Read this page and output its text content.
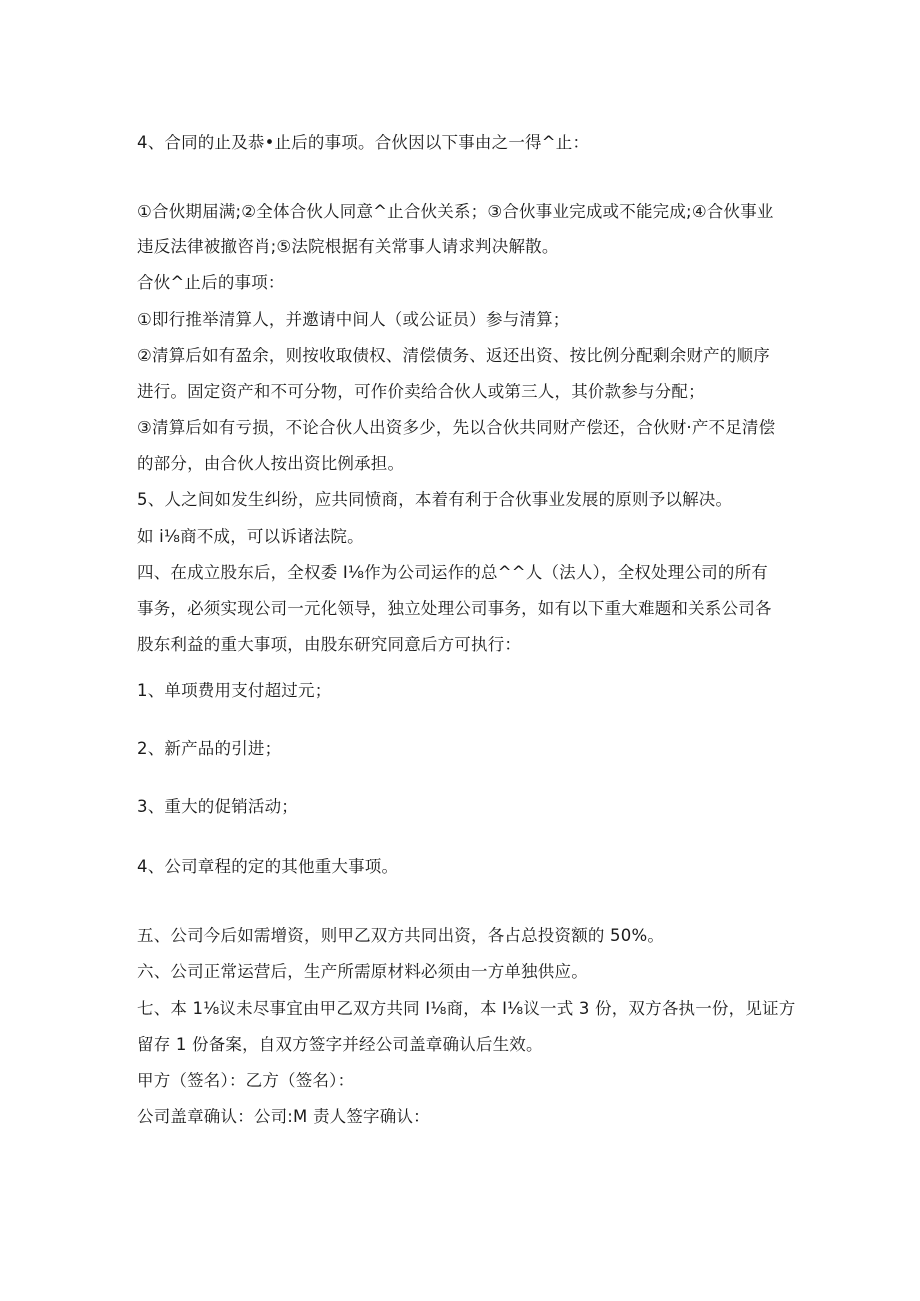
4、合同的止及恭•止后的事项。合伙因以下事由之一得^止：
①合伙期届满;②全体合伙人同意^止合伙关系；③合伙事业完成或不能完成;④合伙事业
违反法律被撤咨肖;⑤法院根据有关常事人请求判决解散。
合伙^止后的事项：
①即行推举清算人，并邀请中间人（或公证员）参与清算；
②清算后如有盈余，则按收取债权、清偿债务、返还出资、按比例分配剩余财产的顺序
进行。固定资产和不可分物，可作价卖给合伙人或第三人，其价款参与分配；
③清算后如有亏损，不论合伙人出资多少，先以合伙共同财产偿还，合伙财·产不足清偿
的部分，由合伙人按出资比例承担。
5、人之间如发生纠纷，应共同愤商，本着有利于合伙事业发展的原则予以解决。
如 i⅛商不成，可以诉诸法院。
四、在成立股东后，全权委 I⅛作为公司运作的总^^人（法人），全权处理公司的所有
事务，必须实现公司一元化领导，独立处理公司事务，如有以下重大难题和关系公司各
股东利益的重大事项，由股东研究同意后方可执行：
1、单项费用支付超过元；
2、新产品的引进；
3、重大的促销活动；
4、公司章程的定的其他重大事项。
五、公司今后如需增资，则甲乙双方共同出资，各占总投资额的 50%。
六、公司正常运营后，生产所需原材料必须由一方单独供应。
七、本 1⅛议未尽事宜由甲乙双方共同 I⅛商，本 I⅛议一式 3 份，双方各执一份，见证方
留存 1 份备案，自双方签字并经公司盖章确认后生效。
甲方（签名）：乙方（签名）：
公司盖章确认：公司:M 责人签字确认：
